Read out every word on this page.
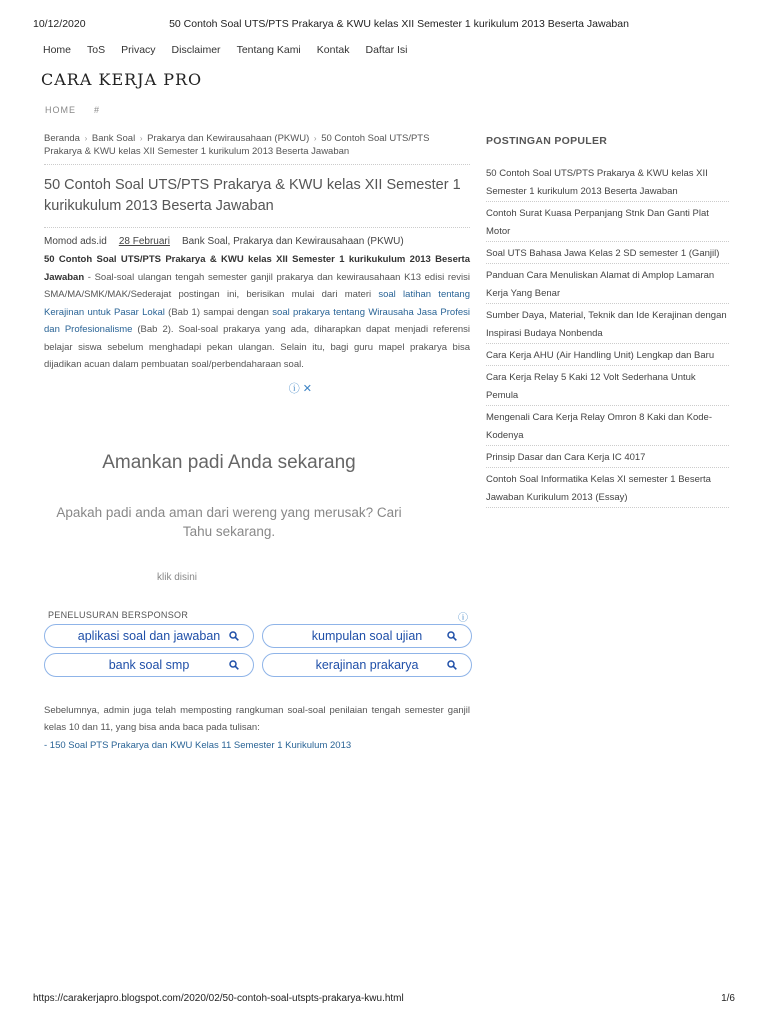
10/12/2020	50 Contoh Soal UTS/PTS Prakarya & KWU kelas XII Semester 1 kurikulum 2013 Beserta Jawaban
Home ToS Privacy Disclaimer Tentang Kami Kontak Daftar Isi
CARA KERJA PRO
HOME #
Beranda › Bank Soal › Prakarya dan Kewirausahaan (PKWU) › 50 Contoh Soal UTS/PTS Prakarya & KWU kelas XII Semester 1 kurikulum 2013 Beserta Jawaban
50 Contoh Soal UTS/PTS Prakarya & KWU kelas XII Semester 1 kurikukulum 2013 Beserta Jawaban
Momod ads.id 28 Februari Bank Soal, Prakarya dan Kewirausahaan (PKWU)

50 Contoh Soal UTS/PTS Prakarya & KWU kelas XII Semester 1 kurikukulum 2013 Beserta Jawaban - Soal-soal ulangan tengah semester ganjil prakarya dan kewirausahaan K13 edisi revisi SMA/MA/SMK/MAK/Sederajat postingan ini, berisikan mulai dari materi soal latihan tentang Kerajinan untuk Pasar Lokal (Bab 1) sampai dengan soal prakarya tentang Wirausaha Jasa Profesi dan Profesionalisme (Bab 2). Soal-soal prakarya yang ada, diharapkan dapat menjadi referensi belajar siswa sebelum menghadapi pekan ulangan. Selain itu, bagi guru mapel prakarya bisa dijadikan acuan dalam pembuatan soal/perbendaharaan soal.

ⓘ ✕
Amankan padi Anda sekarang
Apakah padi anda aman dari wereng yang merusak? Cari Tahu sekarang.
klik disini
PENELUSURAN BERSPONSOR	ⓘ
aplikasi soal dan jawaban	kumpulan soal ujian
bank soal smp	kerajinan prakarya
Sebelumnya, admin juga telah memposting rangkuman soal-soal penilaian tengah semester ganjil kelas 10 dan 11, yang bisa anda baca pada tulisan:
- 150 Soal PTS Prakarya dan KWU Kelas 11 Semester 1 Kurikulum 2013
POSTINGAN POPULER
50 Contoh Soal UTS/PTS Prakarya & KWU kelas XII Semester 1 kurikulum 2013 Beserta Jawaban
Contoh Surat Kuasa Perpanjang Stnk Dan Ganti Plat Motor
Soal UTS Bahasa Jawa Kelas 2 SD semester 1 (Ganjil)
Panduan Cara Menuliskan Alamat di Amplop Lamaran Kerja Yang Benar
Sumber Daya, Material, Teknik dan Ide Kerajinan dengan Inspirasi Budaya Nonbenda
Cara Kerja AHU (Air Handling Unit) Lengkap dan Baru
Cara Kerja Relay 5 Kaki 12 Volt Sederhana Untuk Pemula
Mengenali Cara Kerja Relay Omron 8 Kaki dan Kode-Kodenya
Prinsip Dasar dan Cara Kerja IC 4017
Contoh Soal Informatika Kelas XI semester 1 Beserta Jawaban Kurikulum 2013 (Essay)
https://carakerjapro.blogspot.com/2020/02/50-contoh-soal-utspts-prakarya-kwu.html	1/6
